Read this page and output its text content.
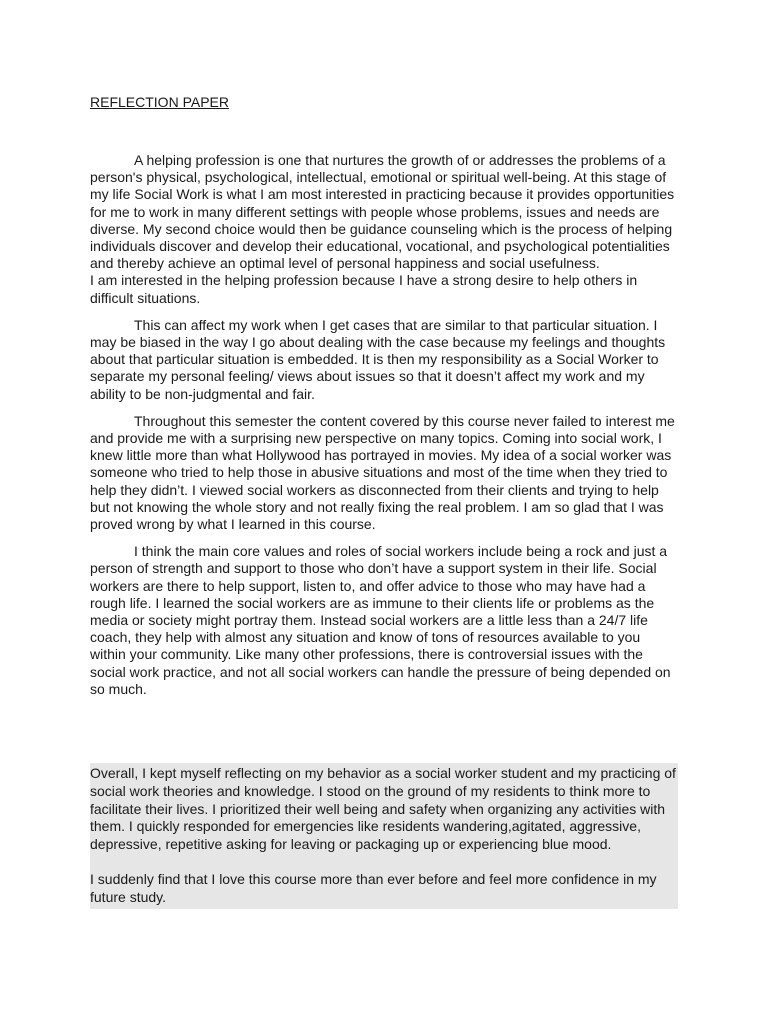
REFLECTION PAPER

A helping profession is one that nurtures the growth of or addresses the problems of a person's physical, psychological, intellectual, emotional or spiritual well-being. At this stage of my life Social Work is what I am most interested in practicing because it provides opportunities for me to work in many different settings with people whose problems, issues and needs are diverse. My second choice would then be guidance counseling which is the process of helping individuals discover and develop their educational, vocational, and psychological potentialities and thereby achieve an optimal level of personal happiness and social usefulness.

I am interested in the helping profession because I have a strong desire to help others in difficult situations.

This can affect my work when I get cases that are similar to that particular situation. I may be biased in the way I go about dealing with the case because my feelings and thoughts about that particular situation is embedded. It is then my responsibility as a Social Worker to separate my personal feeling/ views about issues so that it doesn’t affect my work and my ability to be non-judgmental and fair.

Throughout this semester the content covered by this course never failed to interest me and provide me with a surprising new perspective on many topics. Coming into social work, I knew little more than what Hollywood has portrayed in movies. My idea of a social worker was someone who tried to help those in abusive situations and most of the time when they tried to help they didn’t. I viewed social workers as disconnected from their clients and trying to help but not knowing the whole story and not really fixing the real problem. I am so glad that I was proved wrong by what I learned in this course.

I think the main core values and roles of social workers include being a rock and just a person of strength and support to those who don’t have a support system in their life. Social workers are there to help support, listen to, and offer advice to those who may have had a rough life. I learned the social workers are as immune to their clients life or problems as the media or society might portray them. Instead social workers are a little less than a 24/7 life coach, they help with almost any situation and know of tons of resources available to you within your community. Like many other professions, there is controversial issues with the social work practice, and not all social workers can handle the pressure of being depended on so much.

Overall, I kept myself reflecting on my behavior as a social worker student and my practicing of social work theories and knowledge. I stood on the ground of my residents to think more to facilitate their lives. I prioritized their well being and safety when organizing any activities with them. I quickly responded for emergencies like residents wandering,agitated, aggressive, depressive, repetitive asking for leaving or packaging up or experiencing blue mood.

I suddenly find that I love this course more than ever before and feel more confidence in my future study.
